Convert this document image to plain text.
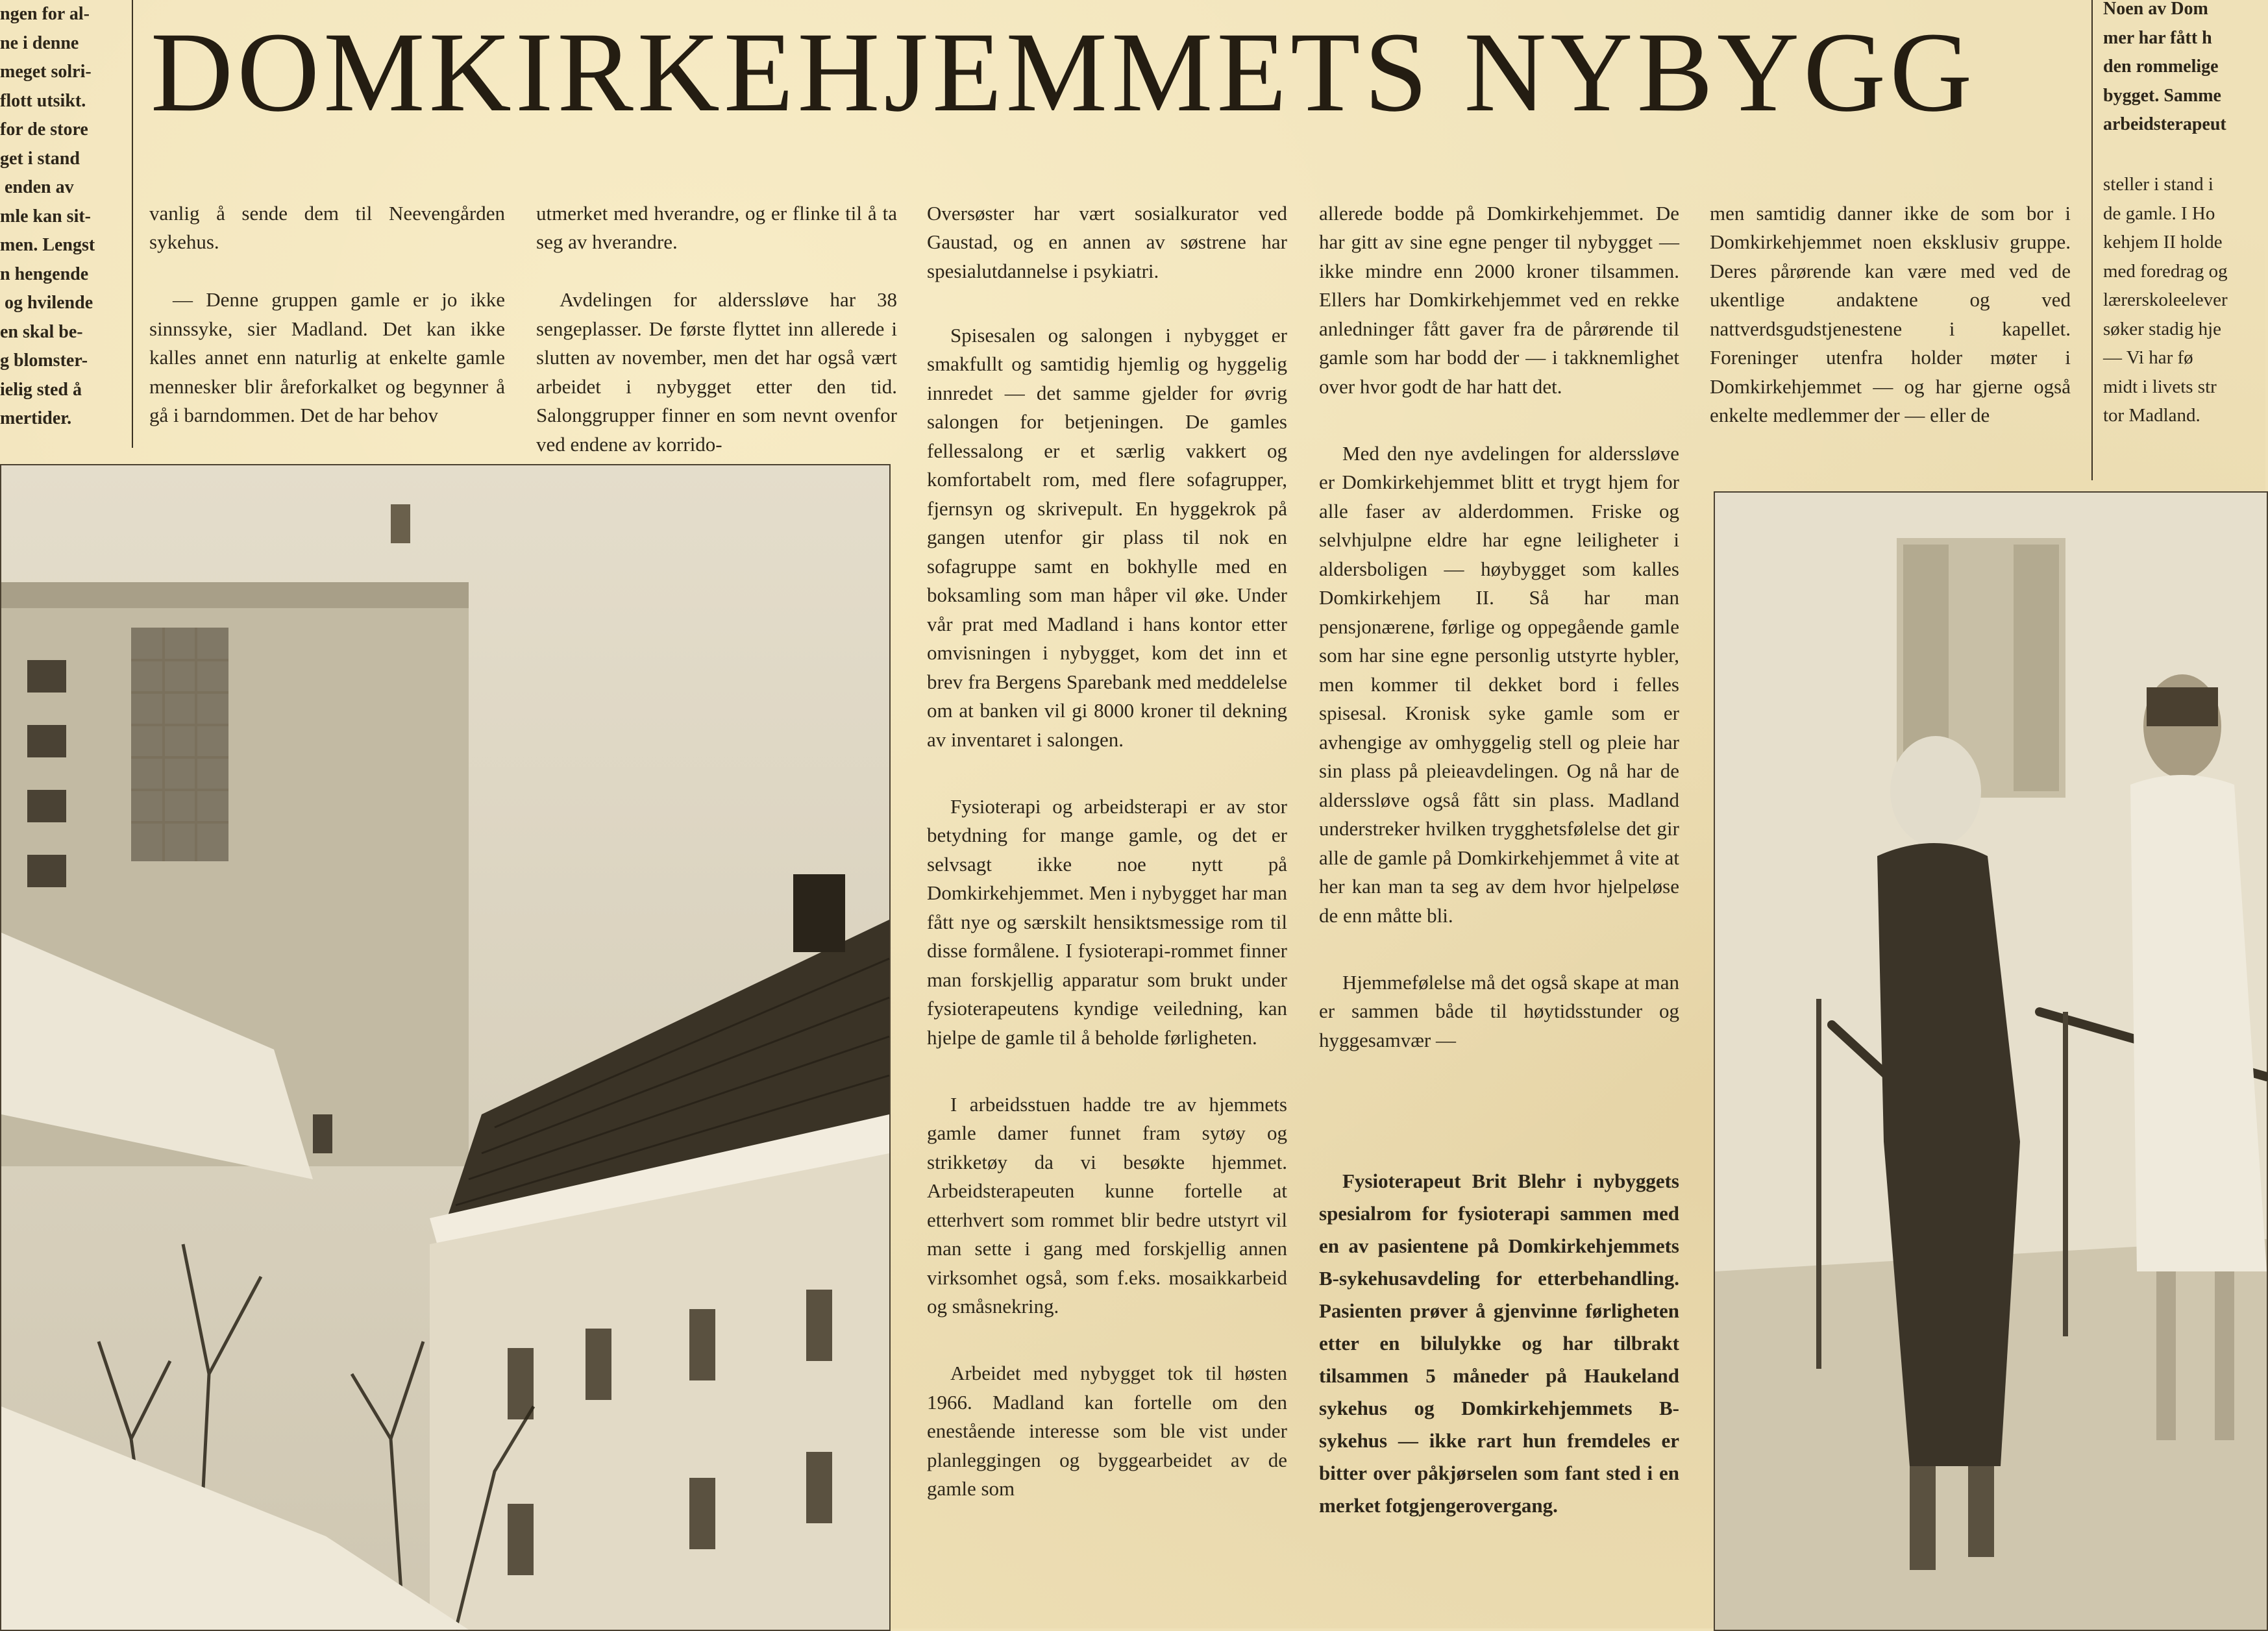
DOMKIRKEHJEMMETS NYBYGG
ngen for al-
ne i denne
meget solri-
flott utsikt.
for de store
get i stand
enden av
mle kan sit-
men. Lengst
n hengende
og hvilende
en skal be-
g blomster-
ielig sted å
mertider.

vanlig å sende dem til Neevengården sykehus.

— Denne gruppen gamle er jo ikke sinnssyke, sier Madland. Det kan ikke kalles annet enn naturlig at enkelte gamle mennesker blir åreforkalket og begynner å gå i barndommen. Det de har behov

utmerket med hverandre, og er flinke til å ta seg av hverandre.

Avdelingen for alderssløve har 38 sengeplasser. De første flyttet inn allerede i slutten av november, men det har også vært arbeidet i nybygget etter den tid. Salonggrupper finner en som nevnt ovenfor ved endene av korrido-

Oversøster har vært sosialkurator ved Gaustad, og en annen av søstrene har spesialutdannelse i psykiatri.

Spisesalen og salongen i nybygget er smakfullt og samtidig hjemlig og hyggelig innredet — det samme gjelder for øvrig salongen for betjeningen. De gamles fellessalong er et særlig vakkert og komfortabelt rom, med flere sofagrupper, fjernsyn og skrivepult. En hyggekrok på gangen utenfor gir plass til nok en sofagruppe samt en bokhylle med en boksamling som man håper vil øke. Under vår prat med Madland i hans kontor etter omvisningen i nybygget, kom det inn et brev fra Bergens Sparebank med meddelelse om at banken vil gi 8000 kroner til dekning av inventaret i salongen.

Fysioterapi og arbeidsterapi er av stor betydning for mange gamle, og det er selvsagt ikke noe nytt på Domkirkehjemmet. Men i nybygget har man fått nye og særskilt hensiktsmessige rom til disse formålene. I fysioterapi-rommet finner man forskjellig apparatur som brukt under fysioterapeutens kyndige veiledning, kan hjelpe de gamle til å beholde førligheten.

I arbeidsstuen hadde tre av hjemmets gamle damer funnet fram sytøy og strikketøy da vi besøkte hjemmet. Arbeidsterapeuten kunne fortelle at etterhvert som rommet blir bedre utstyrt vil man sette i gang med forskjellig annen virksomhet også, som f.eks. mosaikkarbeid og småsnekring.

Arbeidet med nybygget tok til høsten 1966. Madland kan fortelle om den enestående interesse som ble vist under planleggingen og byggearbeidet av de gamle som

allerede bodde på Domkirkehjemmet. De har gitt av sine egne penger til nybygget — ikke mindre enn 2000 kroner tilsammen. Ellers har Domkirkehjemmet ved en rekke anledninger fått gaver fra de pårørende til gamle som har bodd der — i takknemlighet over hvor godt de har hatt det.

Med den nye avdelingen for alderssløve er Domkirkehjemmet blitt et trygt hjem for alle faser av alderdommen. Friske og selvhjulpne eldre har egne leiligheter i aldersboligen — høybygget som kalles Domkirkehjem II. Så har man pensjonærene, førlige og oppegående gamle som har sine egne personlig utstyrte hybler, men kommer til dekket bord i felles spisesal. Kronisk syke gamle som er avhengige av omhyggelig stell og pleie har sin plass på pleieavdelingen. Og nå har de alderssløve også fått sin plass. Madland understreker hvilken trygghetsfølelse det gir alle de gamle på Domkirkehjemmet å vite at her kan man ta seg av dem hvor hjelpeløse de enn måtte bli.

Hjemmefølelse må det også skape at man er sammen både til høytidsstunder og hyggesamvær —

Fysioterapeut Brit Blehr i nybyggets spesialrom for fysioterapi sammen med en av pasientene på Domkirkehjemmets B-sykehusavdeling for etterbehandling. Pasienten prøver å gjenvinne førligheten etter en bilulykke og har tilbrakt tilsammen 5 måneder på Haukeland sykehus og Domkirkehjemmets B-sykehus — ikke rart hun fremdeles er bitter over påkjørselen som fant sted i en merket fotgjengerovergang.

men samtidig danner ikke de som bor i Domkirkehjemmet noen eksklusiv gruppe. Deres pårørende kan være med ved de ukentlige andaktene og ved nattverdsgudstjenestene i kapellet. Foreninger utenfra holder møter i Domkirkehjemmet — og har gjerne også enkelte medlemmer der — eller de

Noen av Dom
mer har fått h
den rommelige
bygget. Samme
arbeidsterapeut
steller i stand i
de gamle. I Ho
kehjem II holde
med foredrag og
lærerskoleelever
søker stadig hje
— Vi har fø
midt i livets str
tor Madland.
